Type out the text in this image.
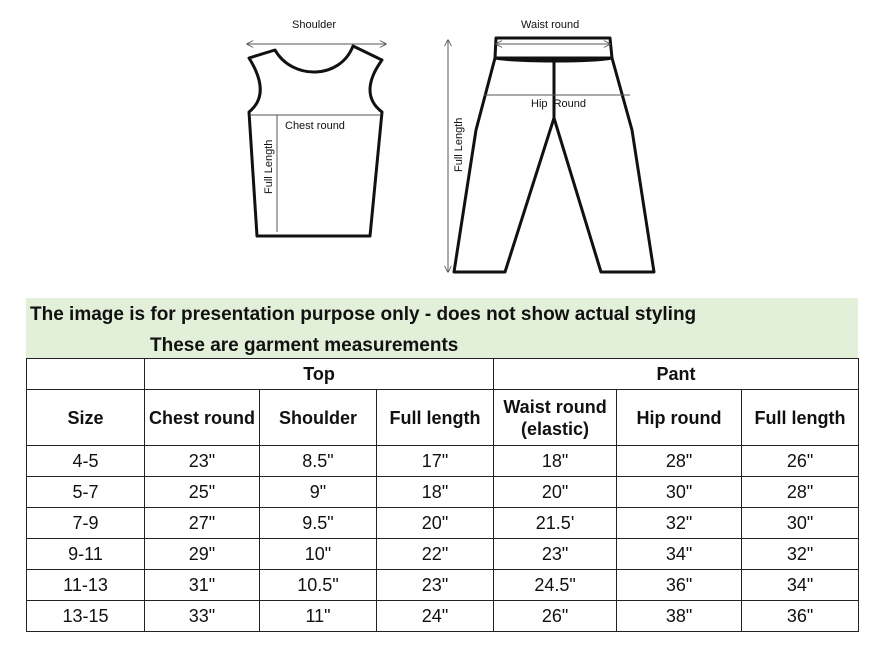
Shoulder
Chest round
Full Length
Waist round
Hip  Round
Full Length
The image is for presentation purpose only - does not show actual styling
These are garment measurements
	Top			Pant		
Size	Chest round	Shoulder	Full length	Waist round (elastic)	Hip round	Full length
4-5	23"	8.5"	17"	18"	28"	26"
5-7	25"	9"	18"	20"	30"	28"
7-9	27"	9.5"	20"	21.5'	32"	30"
9-11	29"	10"	22"	23"	34"	32"
11-13	31"	10.5"	23"	24.5"	36"	34"
13-15	33"	11"	24"	26"	38"	36"
